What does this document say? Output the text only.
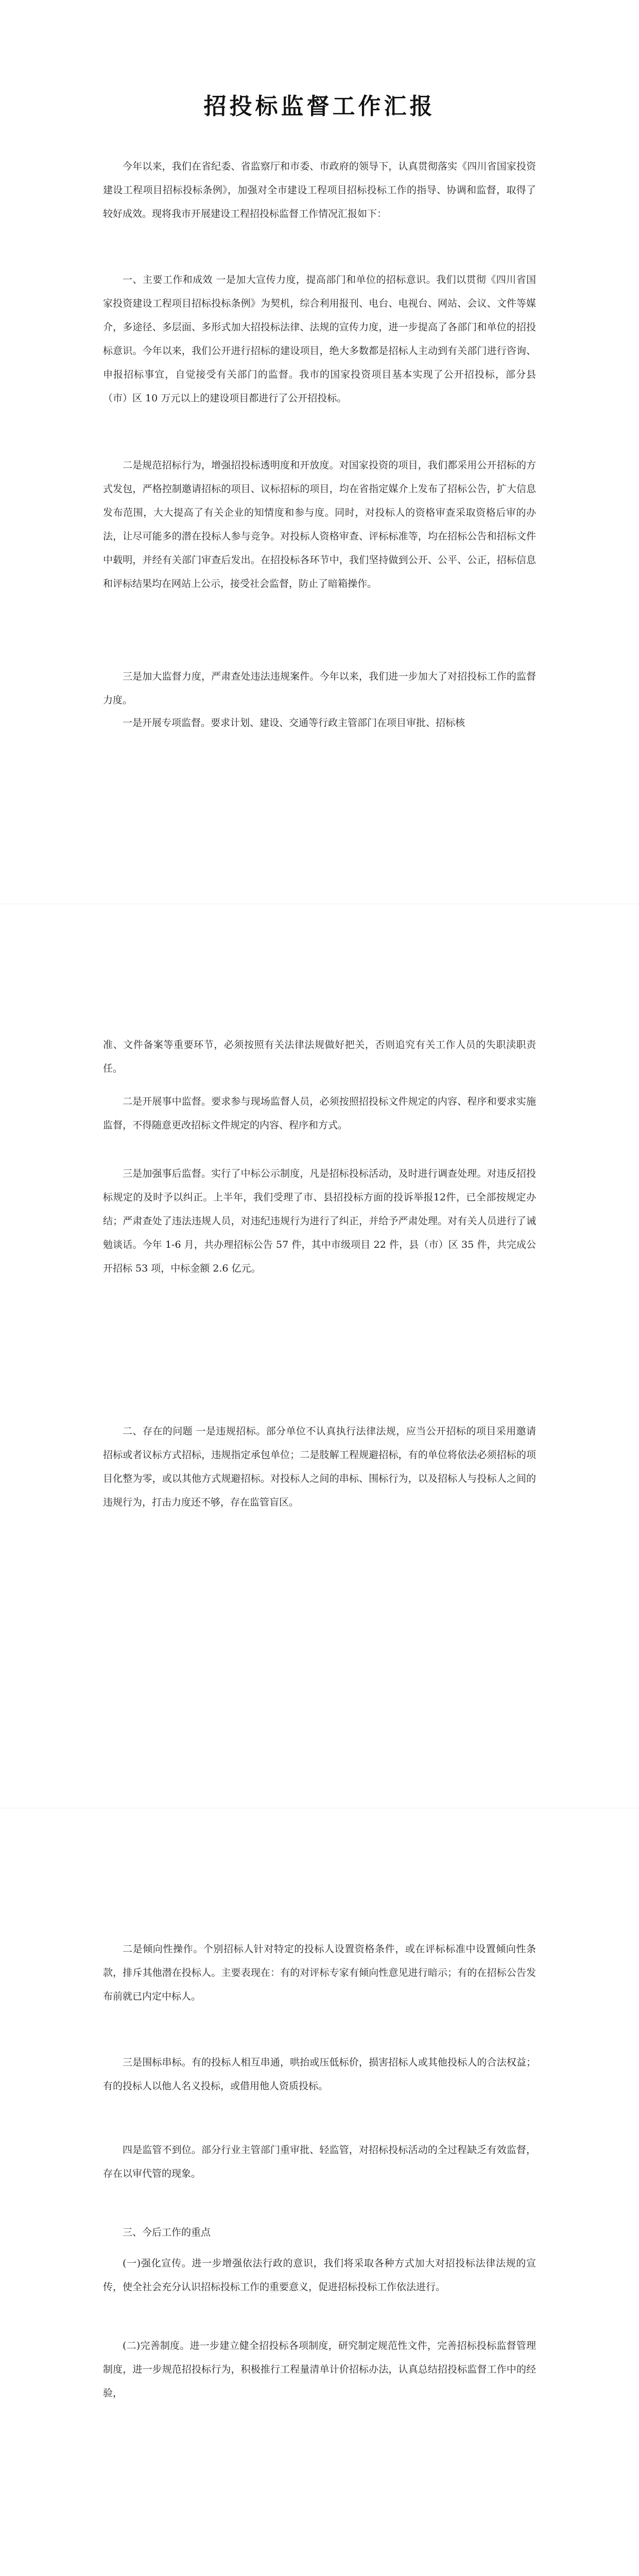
招投标监督工作汇报
今年以来，我们在省纪委、省监察厅和市委、市政府的领导下，认真贯彻落实《四川省国家投资建设工程项目招标投标条例》，加强对全市建设工程项目招标投标工作的指导、协调和监督，取得了较好成效。现将我市开展建设工程招投标监督工作情况汇报如下：
一、主要工作和成效 一是加大宣传力度，提高部门和单位的招标意识。我们以贯彻《四川省国家投资建设工程项目招标投标条例》为契机，综合利用报刊、电台、电视台、网站、会议、文件等媒介，多途径、多层面、多形式加大招投标法律、法规的宣传力度，进一步提高了各部门和单位的招投标意识。今年以来，我们公开进行招标的建设项目，绝大多数都是招标人主动到有关部门进行咨询、申报招标事宜，自觉接受有关部门的监督。我市的国家投资项目基本实现了公开招投标，部分县（市）区 10 万元以上的建设项目都进行了公开招投标。
二是规范招标行为，增强招投标透明度和开放度。对国家投资的项目，我们都采用公开招标的方式发包，严格控制邀请招标的项目、议标招标的项目，均在省指定媒介上发布了招标公告，扩大信息发布范围，大大提高了有关企业的知情度和参与度。同时，对投标人的资格审查采取资格后审的办法，让尽可能多的潜在投标人参与竞争。对投标人资格审查、评标标准等，均在招标公告和招标文件中载明，并经有关部门审查后发出。在招投标各环节中，我们坚持做到公开、公平、公正，招标信息和评标结果均在网站上公示，接受社会监督，防止了暗箱操作。
三是加大监督力度，严肃查处违法违规案件。今年以来，我们进一步加大了对招投标工作的监督力度。
一是开展专项监督。要求计划、建设、交通等行政主管部门在项目审批、招标核
准、文件备案等重要环节，必须按照有关法律法规做好把关，否则追究有关工作人员的失职渎职责任。
二是开展事中监督。要求参与现场监督人员，必须按照招投标文件规定的内容、程序和要求实施监督，不得随意更改招标文件规定的内容、程序和方式。
三是加强事后监督。实行了中标公示制度，凡是招标投标活动，及时进行调查处理。对违反招投标规定的及时予以纠正。上半年，我们受理了市、县招投标方面的投诉举报12件，已全部按规定办结；严肃查处了违法违规人员，对违纪违规行为进行了纠正，并给予严肃处理。对有关人员进行了诫勉谈话。今年 1-6 月，共办理招标公告 57 件，其中市级项目 22 件，县（市）区 35 件，共完成公开招标 53 项，中标金额 2.6 亿元。
二、存在的问题 一是违规招标。部分单位不认真执行法律法规，应当公开招标的项目采用邀请招标或者议标方式招标，违规指定承包单位；二是肢解工程规避招标，有的单位将依法必须招标的项目化整为零，或以其他方式规避招标。对投标人之间的串标、围标行为，以及招标人与投标人之间的违规行为，打击力度还不够，存在监管盲区。
二是倾向性操作。个别招标人针对特定的投标人设置资格条件，或在评标标准中设置倾向性条款，排斥其他潜在投标人。主要表现在：有的对评标专家有倾向性意见进行暗示；有的在招标公告发布前就已内定中标人。
三是围标串标。有的投标人相互串通，哄抬或压低标价，损害招标人或其他投标人的合法权益；有的投标人以他人名义投标，或借用他人资质投标。
四是监管不到位。部分行业主管部门重审批、轻监管，对招标投标活动的全过程缺乏有效监督，存在以审代管的现象。
三、今后工作的重点
(一)强化宣传。进一步增强依法行政的意识，我们将采取各种方式加大对招投标法律法规的宣传，使全社会充分认识招标投标工作的重要意义，促进招标投标工作依法进行。
(二)完善制度。进一步建立健全招投标各项制度，研究制定规范性文件，完善招标投标监督管理制度，进一步规范招投标行为，积极推行工程量清单计价招标办法，认真总结招投标监督工作中的经验，
